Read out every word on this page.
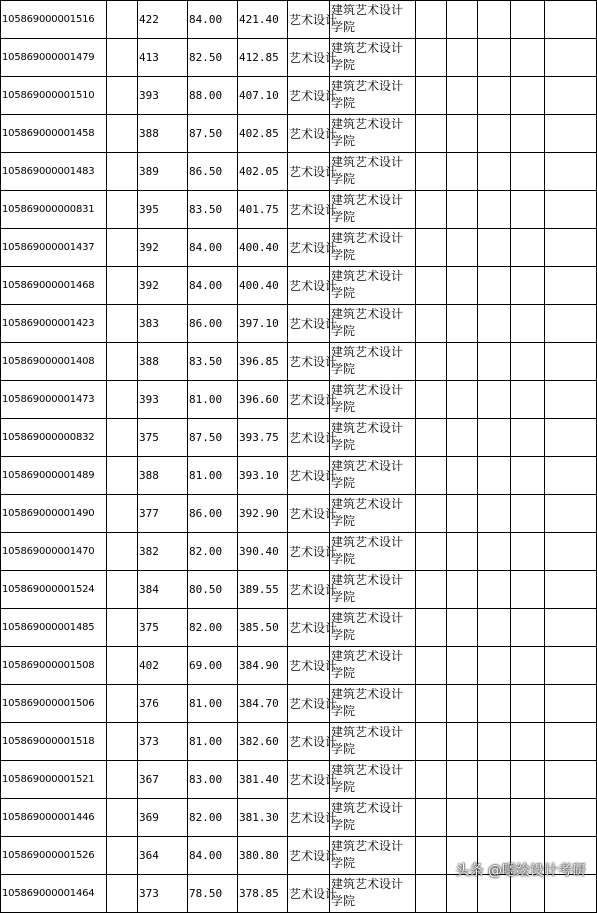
105869000001516		422	84.00	421.40	艺术设计	建筑艺术设计学院					
105869000001479		413	82.50	412.85	艺术设计	建筑艺术设计学院					
105869000001510		393	88.00	407.10	艺术设计	建筑艺术设计学院					
105869000001458		388	87.50	402.85	艺术设计	建筑艺术设计学院					
105869000001483		389	86.50	402.05	艺术设计	建筑艺术设计学院					
105869000000831		395	83.50	401.75	艺术设计	建筑艺术设计学院					
105869000001437		392	84.00	400.40	艺术设计	建筑艺术设计学院					
105869000001468		392	84.00	400.40	艺术设计	建筑艺术设计学院					
105869000001423		383	86.00	397.10	艺术设计	建筑艺术设计学院					
105869000001408		388	83.50	396.85	艺术设计	建筑艺术设计学院					
105869000001473		393	81.00	396.60	艺术设计	建筑艺术设计学院					
105869000000832		375	87.50	393.75	艺术设计	建筑艺术设计学院					
105869000001489		388	81.00	393.10	艺术设计	建筑艺术设计学院					
105869000001490		377	86.00	392.90	艺术设计	建筑艺术设计学院					
105869000001470		382	82.00	390.40	艺术设计	建筑艺术设计学院					
105869000001524		384	80.50	389.55	艺术设计	建筑艺术设计学院					
105869000001485		375	82.00	385.50	艺术设计	建筑艺术设计学院					
105869000001508		402	69.00	384.90	艺术设计	建筑艺术设计学院					
105869000001506		376	81.00	384.70	艺术设计	建筑艺术设计学院					
105869000001518		373	81.00	382.60	艺术设计	建筑艺术设计学院					
105869000001521		367	83.00	381.40	艺术设计	建筑艺术设计学院					
105869000001446		369	82.00	381.30	艺术设计	建筑艺术设计学院					
105869000001526		364	84.00	380.80	艺术设计	建筑艺术设计学院					
105869000001464		373	78.50	378.85	艺术设计	建筑艺术设计学院					
头条 @嗯绘设计考研
